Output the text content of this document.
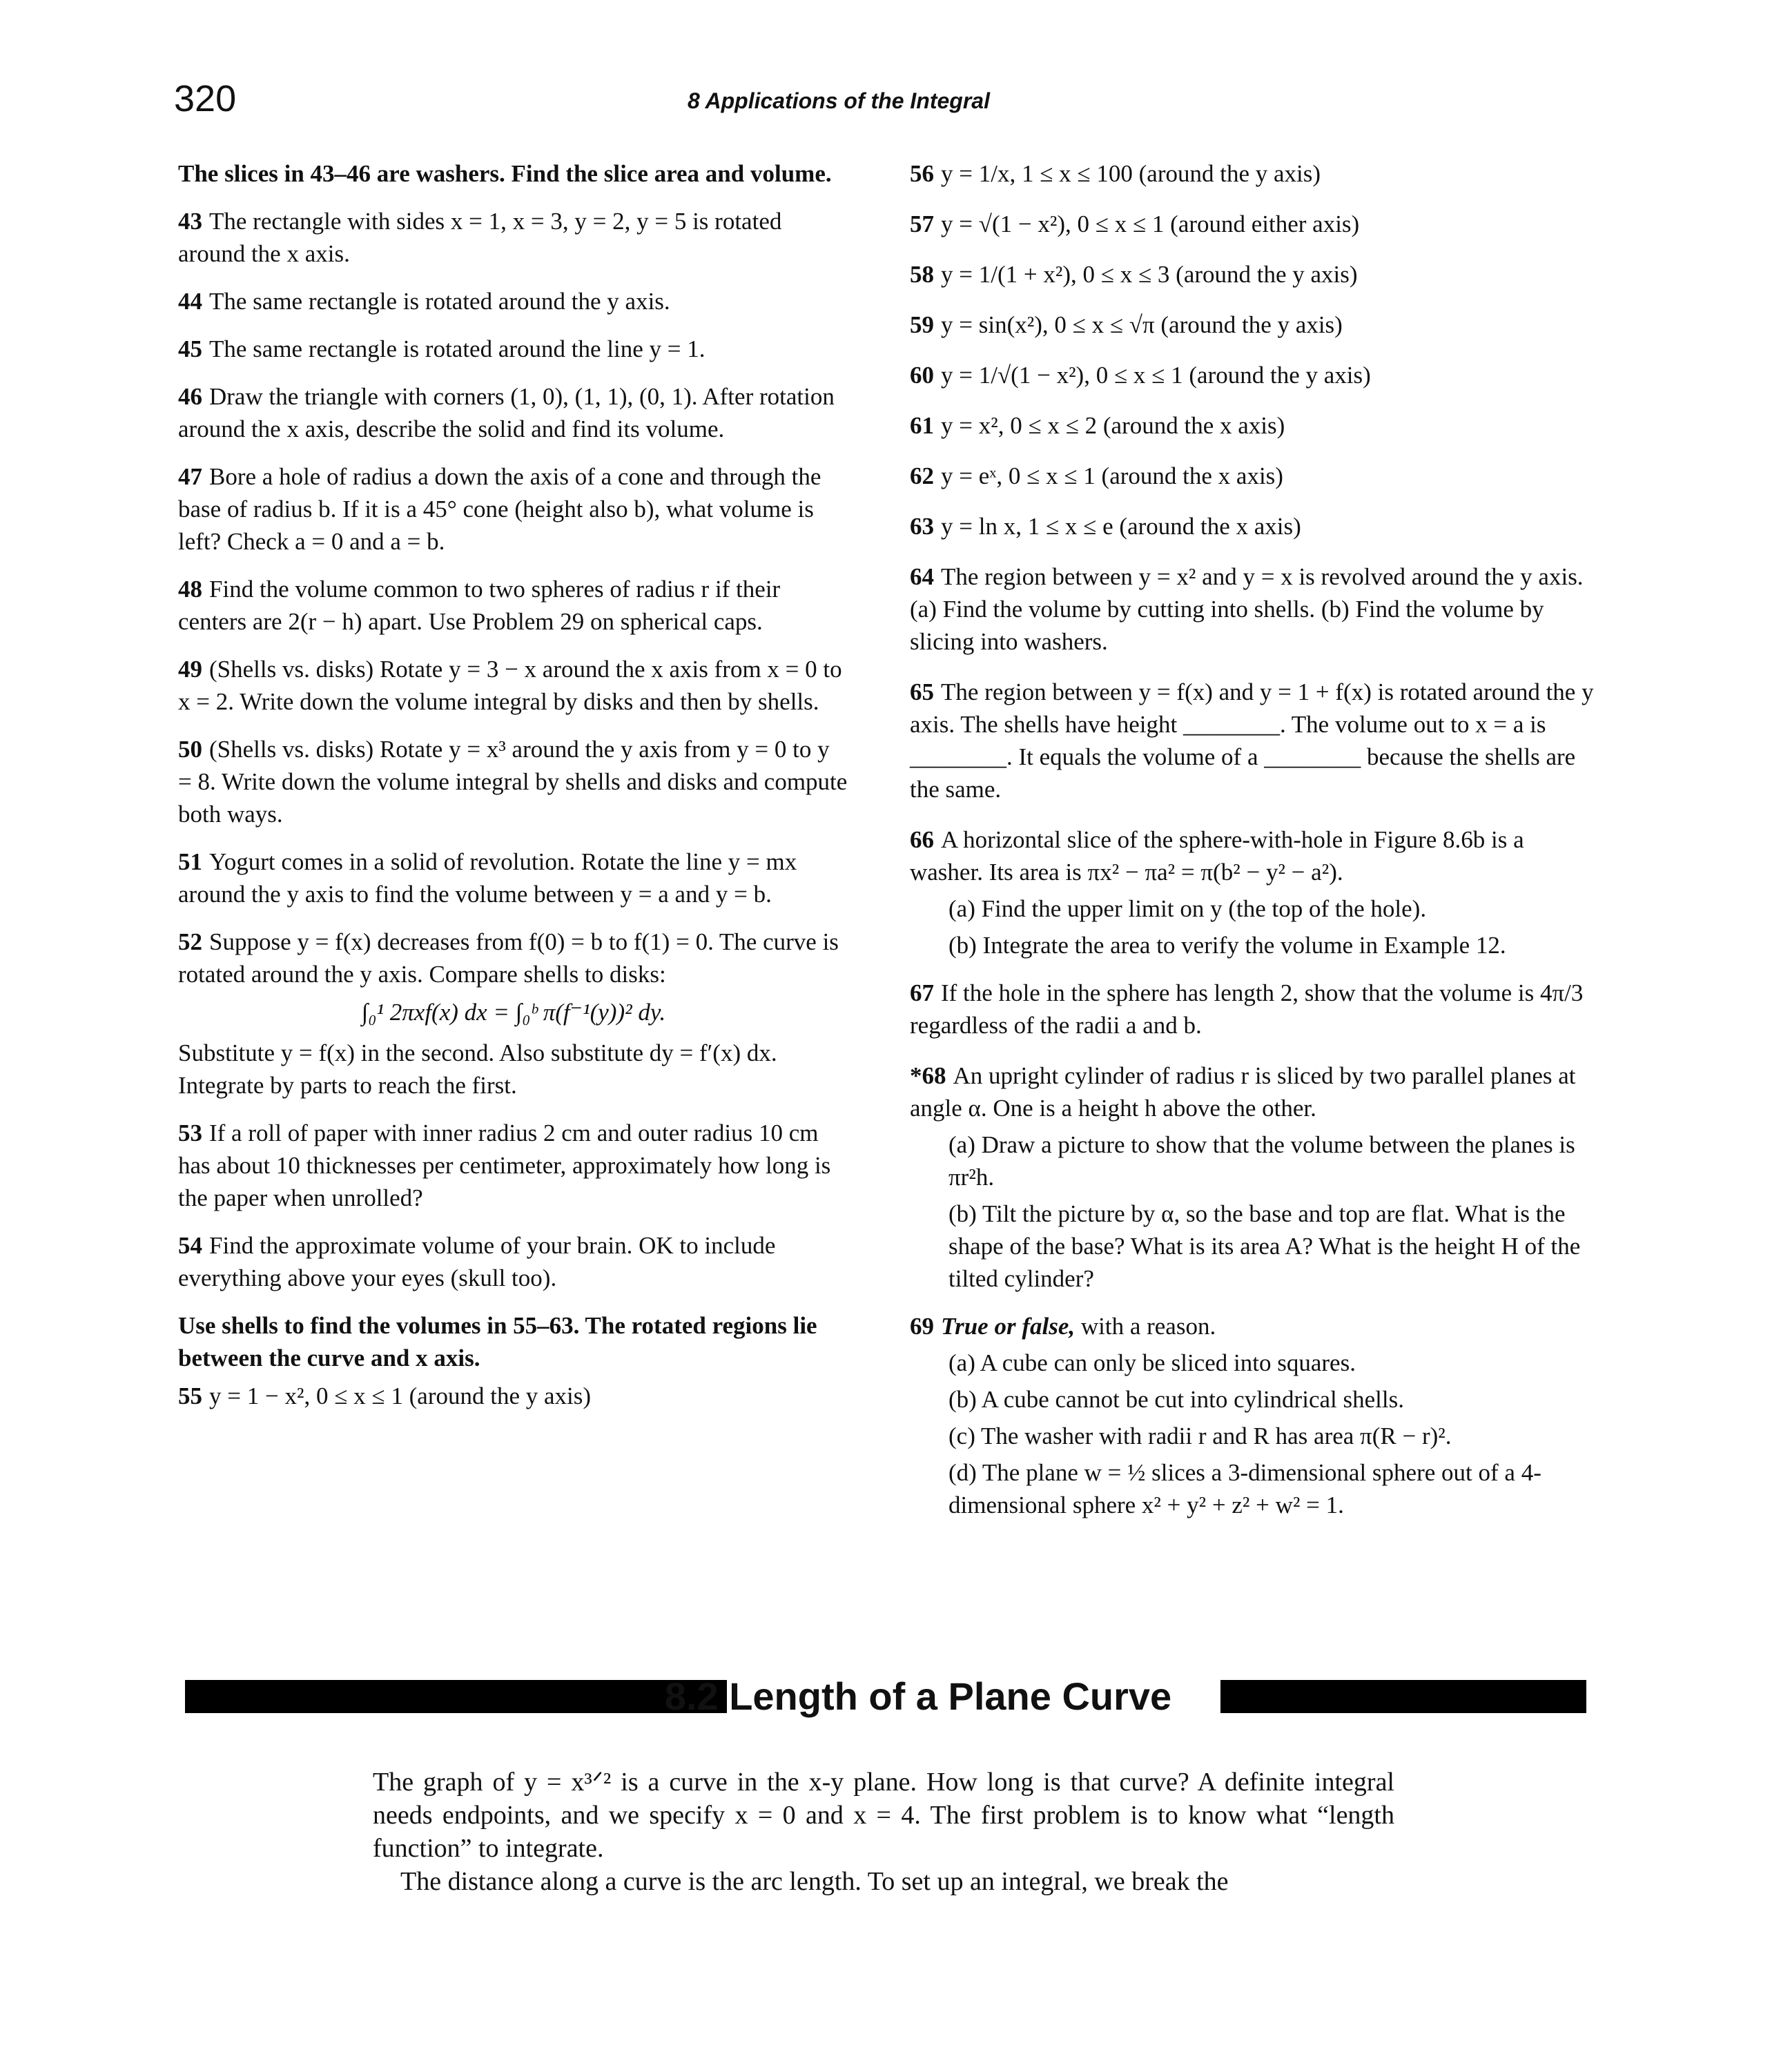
320	8 Applications of the Integral

The slices in 43–46 are washers. Find the slice area and volume.

43 The rectangle with sides x = 1, x = 3, y = 2, y = 5 is rotated around the x axis.

44 The same rectangle is rotated around the y axis.

45 The same rectangle is rotated around the line y = 1.

46 Draw the triangle with corners (1, 0), (1, 1), (0, 1). After rotation around the x axis, describe the solid and find its volume.

47 Bore a hole of radius a down the axis of a cone and through the base of radius b. If it is a 45° cone (height also b), what volume is left? Check a = 0 and a = b.

48 Find the volume common to two spheres of radius r if their centers are 2(r − h) apart. Use Problem 29 on spherical caps.

49 (Shells vs. disks) Rotate y = 3 − x around the x axis from x = 0 to x = 2. Write down the volume integral by disks and then by shells.

50 (Shells vs. disks) Rotate y = x³ around the y axis from y = 0 to y = 8. Write down the volume integral by shells and disks and compute both ways.

51 Yogurt comes in a solid of revolution. Rotate the line y = mx around the y axis to find the volume between y = a and y = b.

52 Suppose y = f(x) decreases from f(0) = b to f(1) = 0. The curve is rotated around the y axis. Compare shells to disks:

∫₀¹ 2πxf(x) dx = ∫₀ᵇ π(f⁻¹(y))² dy.

Substitute y = f(x) in the second. Also substitute dy = f′(x) dx. Integrate by parts to reach the first.

53 If a roll of paper with inner radius 2 cm and outer radius 10 cm has about 10 thicknesses per centimeter, approximately how long is the paper when unrolled?

54 Find the approximate volume of your brain. OK to include everything above your eyes (skull too).

Use shells to find the volumes in 55–63. The rotated regions lie between the curve and x axis.

55 y = 1 − x², 0 ≤ x ≤ 1 (around the y axis)

56 y = 1/x, 1 ≤ x ≤ 100 (around the y axis)

57 y = √(1 − x²), 0 ≤ x ≤ 1 (around either axis)

58 y = 1/(1 + x²), 0 ≤ x ≤ 3 (around the y axis)

59 y = sin(x²), 0 ≤ x ≤ √π (around the y axis)

60 y = 1/√(1 − x²), 0 ≤ x ≤ 1 (around the y axis)

61 y = x², 0 ≤ x ≤ 2 (around the x axis)

62 y = eˣ, 0 ≤ x ≤ 1 (around the x axis)

63 y = ln x, 1 ≤ x ≤ e (around the x axis)

64 The region between y = x² and y = x is revolved around the y axis. (a) Find the volume by cutting into shells. (b) Find the volume by slicing into washers.

65 The region between y = f(x) and y = 1 + f(x) is rotated around the y axis. The shells have height ________. The volume out to x = a is ________. It equals the volume of a ________ because the shells are the same.

66 A horizontal slice of the sphere-with-hole in Figure 8.6b is a washer. Its area is πx² − πa² = π(b² − y² − a²).

(a) Find the upper limit on y (the top of the hole).

(b) Integrate the area to verify the volume in Example 12.

67 If the hole in the sphere has length 2, show that the volume is 4π/3 regardless of the radii a and b.

*68 An upright cylinder of radius r is sliced by two parallel planes at angle α. One is a height h above the other.

(a) Draw a picture to show that the volume between the planes is πr²h.

(b) Tilt the picture by α, so the base and top are flat. What is the shape of the base? What is its area A? What is the height H of the tilted cylinder?

69 True or false, with a reason.

(a) A cube can only be sliced into squares.

(b) A cube cannot be cut into cylindrical shells.

(c) The washer with radii r and R has area π(R − r)².

(d) The plane w = ½ slices a 3-dimensional sphere out of a 4-dimensional sphere x² + y² + z² + w² = 1.

8.2 Length of a Plane Curve

The graph of y = x³ᐟ² is a curve in the x-y plane. How long is that curve? A definite integral needs endpoints, and we specify x = 0 and x = 4. The first problem is to know what “length function” to integrate.

The distance along a curve is the arc length. To set up an integral, we break the
